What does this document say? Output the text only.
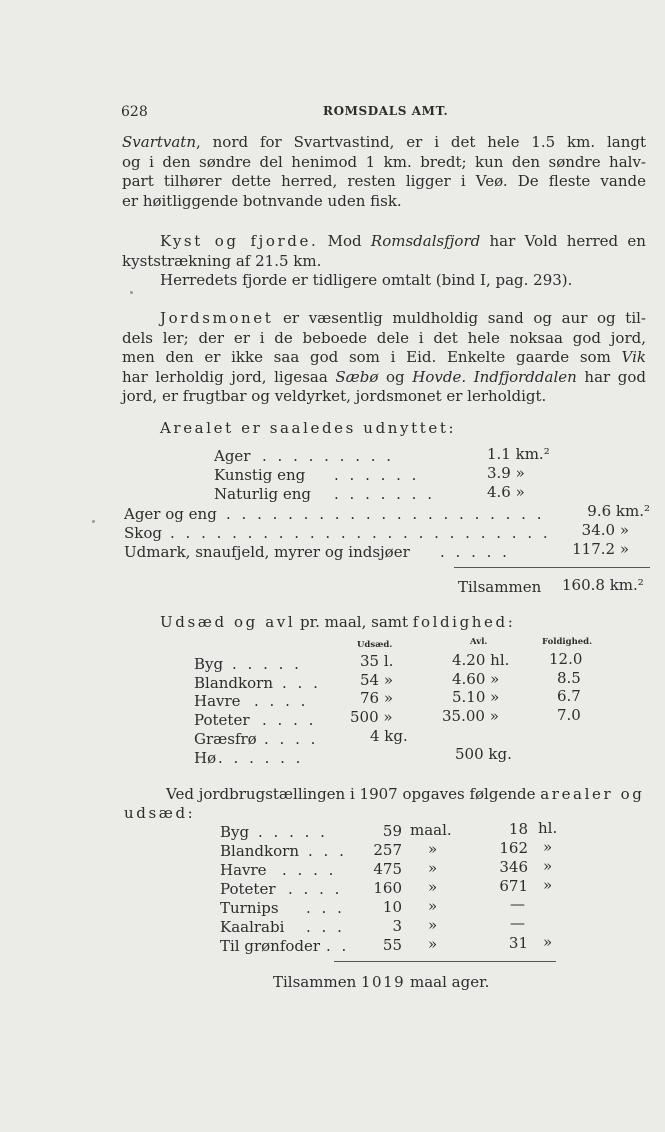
628	ROMSDALS AMT.
Svartvatn, nord for Svartvastind, er i det hele 1.5 km. langt
og i den søndre del henimod 1 km. bredt; kun den søndre halv-
part tilhører dette herred, resten ligger i Veø. De fleste vande
er høitliggende botnvande uden fisk.
Kyst og fjorde. Mod Romsdalsfjord har Vold herred en
kyststrækning af 21.5 km.
Herredets fjorde er tidligere omtalt (bind I, pag. 293).
Jordsmonet er væsentlig muldholdig sand og aur og til-
dels ler; der er i de beboede dele i det hele noksaa god jord,
men den er ikke saa god som i Eid. Enkelte gaarde som Vik
har lerholdig jord, ligesaa Sæbø og Hovde. Indfjorddalen har god
jord, er frugtbar og veldyrket, jordsmonet er lerholdigt.
Arealet er saaledes udnyttet:
Ager . . . . . . . . .	1.1 km.²
Kunstig eng . . . . . .	3.9 »
Naturlig eng . . . . . . .	4.6 »
Ager og eng . . . . . . . . . . . . . . . . . . . . .	9.6 km.²
Skog . . . . . . . . . . . . . . . . . . . . . . . . .	34.0 »
Udmark, snaufjeld, myrer og indsjøer . . . . .	117.2 »
Tilsammen 160.8 km.²
Udsæd og avl pr. maal, samt foldighed:
Udsæd.	Avl.	Foldighed.
Byg . . . . .	35 l.	4.20 hl.	12.0
Blandkorn . . .	54 »	4.60 »	8.5
Havre . . . .	76 »	5.10 »	6.7
Poteter . . . . 500 »	35.00 »	7.0
Græsfrø . . . .	4 kg.
Hø . . . . . .	500 kg.
Ved jordbrugstællingen i 1907 opgaves følgende arealer og
udsæd:
Byg . . . . .	59 maal.	18 hl.
Blandkorn . . .	257 »	162 »
Havre . . . .	475 »	346 »
Poteter . . . .	160 »	671 »
Turnips . . .	10 »	—
Kaalrabi . . .	3 »	—
Til grønfoder . .	55 »	31 »
Tilsammen 1019 maal ager.
